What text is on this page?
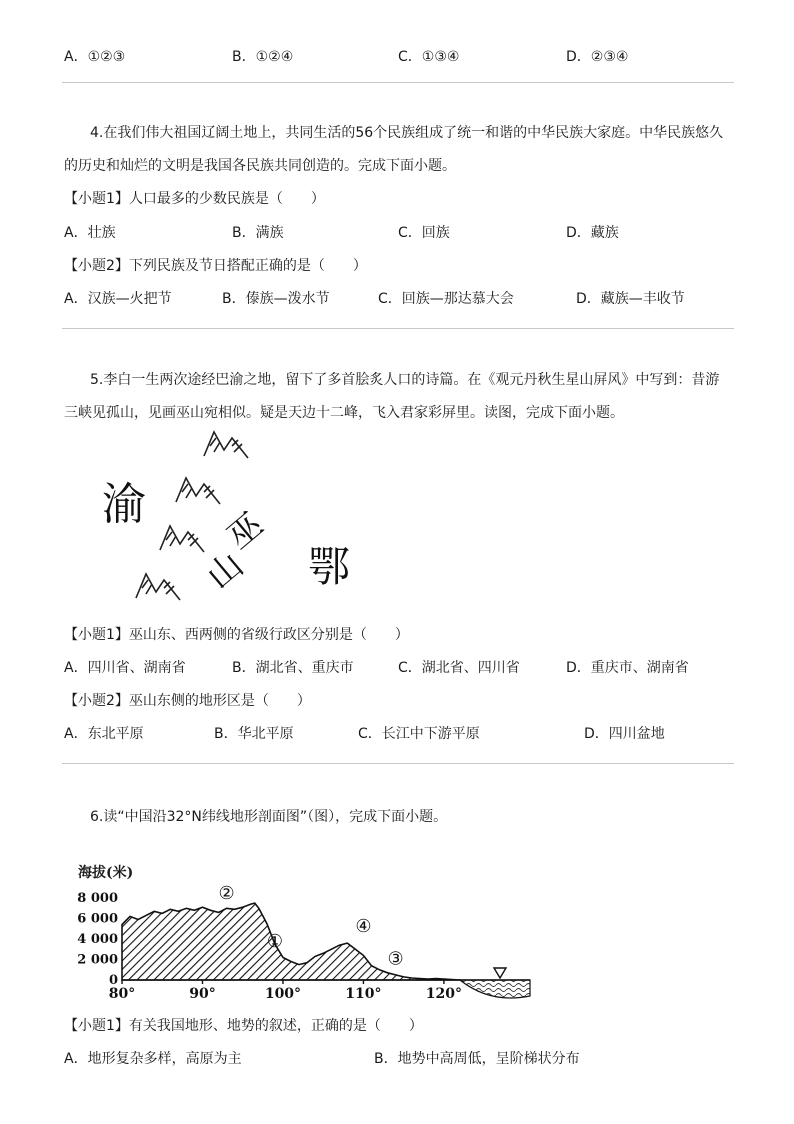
A．①②③	B．①②④	C．①③④	D．②③④
4.在我们伟大祖国辽阔土地上，共同生活的56个民族组成了统一和谐的中华民族大家庭。中华民族悠久的历史和灿烂的文明是我国各民族共同创造的。完成下面小题。
【小题1】人口最多的少数民族是（　　）
A．壮族	B．满族	C．回族	D．藏族
【小题2】下列民族及节日搭配正确的是（　　）
A．汉族—火把节	B．傣族—泼水节	C．回族—那达慕大会	D．藏族—丰收节
5.李白一生两次途经巴渝之地，留下了多首脍炙人口的诗篇。在《观元丹秋生星山屏风》中写到：昔游三峡见孤山，见画巫山宛相似。疑是天边十二峰，飞入君家彩屏里。读图，完成下面小题。
渝
巫
山 鄂
【小题1】巫山东、西两侧的省级行政区分别是（　　）
A．四川省、湖南省	B．湖北省、重庆市	C．湖北省、四川省	D．重庆市、湖南省
【小题2】巫山东侧的地形区是（　　）
A．东北平原	B．华北平原	C．长江中下游平原	D．四川盆地
6.读“中国沿32°N纬线地形剖面图”（图），完成下面小题。
8 000
6 000
4 000
2 000
0
80°	90°	100°	110°	120°
①
②
③
④
海拔(米)
【小题1】有关我国地形、地势的叙述，正确的是（　　）
A．地形复杂多样，高原为主	B．地势中高周低，呈阶梯状分布
